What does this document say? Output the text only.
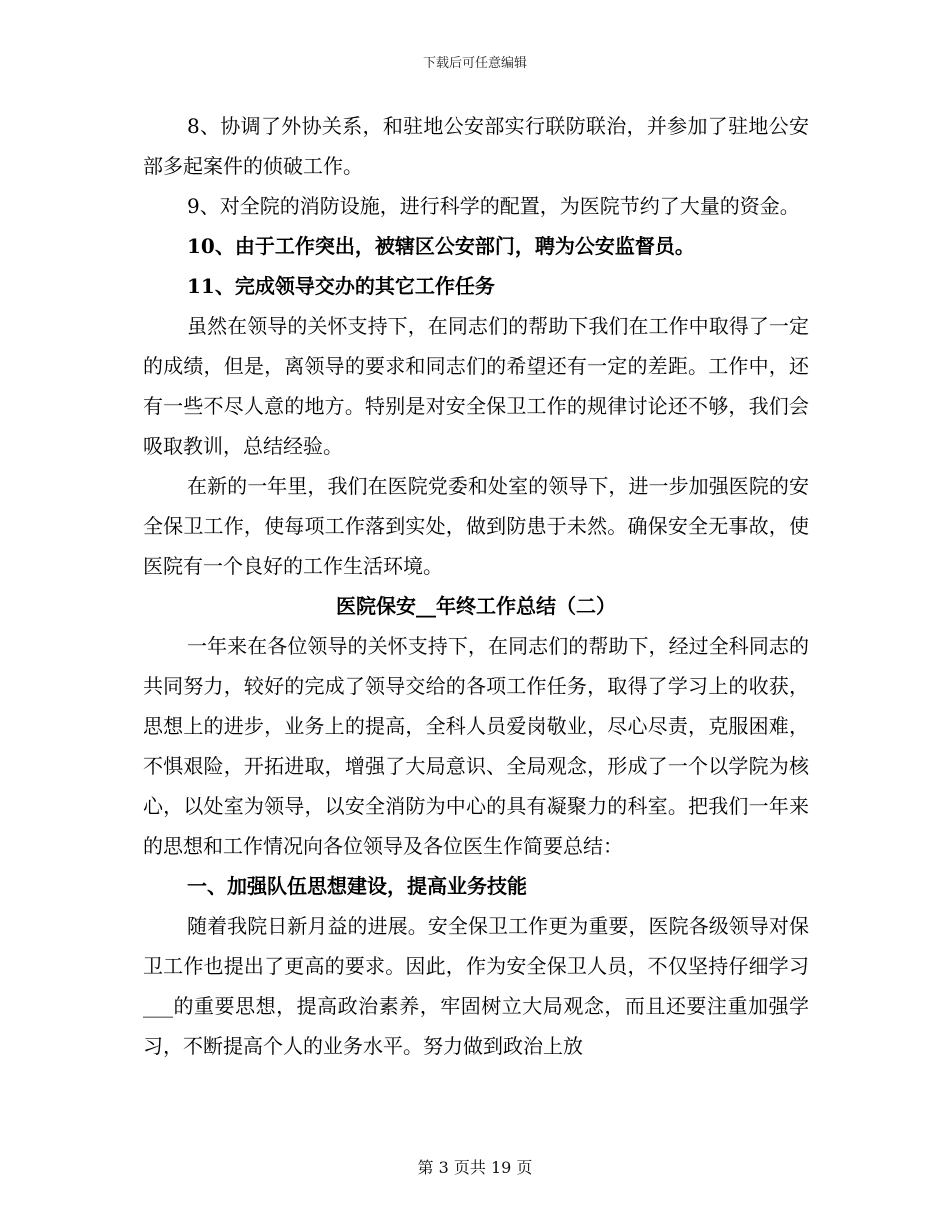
下载后可任意编辑

8、协调了外协关系，和驻地公安部实行联防联治，并参加了驻地公安部多起案件的侦破工作。

9、对全院的消防设施，进行科学的配置，为医院节约了大量的资金。

10、由于工作突出，被辖区公安部门，聘为公安监督员。

11、完成领导交办的其它工作任务

虽然在领导的关怀支持下，在同志们的帮助下我们在工作中取得了一定的成绩，但是，离领导的要求和同志们的希望还有一定的差距。工作中，还有一些不尽人意的地方。特别是对安全保卫工作的规律讨论还不够，我们会吸取教训，总结经验。

在新的一年里，我们在医院党委和处室的领导下，进一步加强医院的安全保卫工作，使每项工作落到实处，做到防患于未然。确保安全无事故，使医院有一个良好的工作生活环境。

医院保安__年终工作总结（二）

一年来在各位领导的关怀支持下，在同志们的帮助下，经过全科同志的共同努力，较好的完成了领导交给的各项工作任务，取得了学习上的收获，思想上的进步，业务上的提高，全科人员爱岗敬业，尽心尽责，克服困难，不惧艰险，开拓进取，增强了大局意识、全局观念，形成了一个以学院为核心，以处室为领导，以安全消防为中心的具有凝聚力的科室。把我们一年来的思想和工作情况向各位领导及各位医生作简要总结：

一、加强队伍思想建设，提高业务技能

随着我院日新月益的进展。安全保卫工作更为重要，医院各级领导对保卫工作也提出了更高的要求。因此，作为安全保卫人员，不仅坚持仔细学习___的重要思想，提高政治素养，牢固树立大局观念，而且还要注重加强学习，不断提高个人的业务水平。努力做到政治上放

第 3 页共 19 页
